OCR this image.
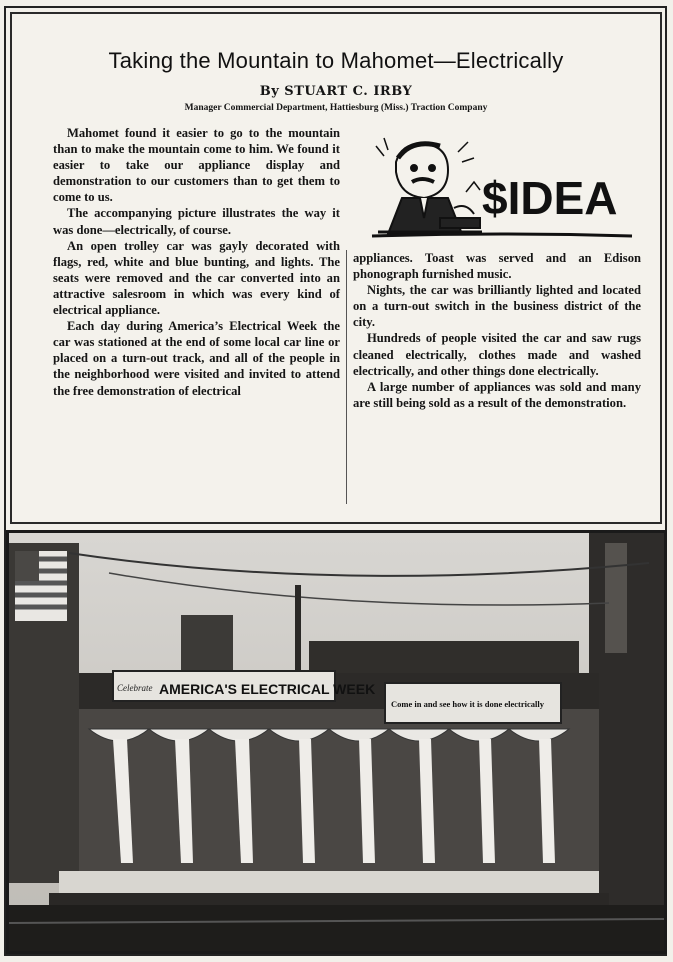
Taking the Mountain to Mahomet—Electrically
By STUART C. IRBY
Manager Commercial Department, Hattiesburg (Miss.) Traction Company

Mahomet found it easier to go to the mountain than to make the mountain come to him. We found it easier to take our appliance display and demonstration to our customers than to get them to come to us.

The accompanying picture illustrates the way it was done—electrically, of course.

An open trolley car was gayly decorated with flags, red, white and blue bunting, and lights. The seats were removed and the car converted into an attractive salesroom in which was every kind of electrical appliance.

Each day during America’s Electrical Week the car was stationed at the end of some local car line or placed on a turn-out track, and all of the people in the neighborhood were visited and invited to attend the free demonstration of electrical

appliances. Toast was served and an Edison phonograph furnished music.

Nights, the car was brilliantly lighted and located on a turn-out switch in the business district of the city.

Hundreds of people visited the car and saw rugs cleaned electrically, clothes made and washed electrically, and other things done electrically.

A large number of appliances was sold and many are still being sold as a result of the demonstration.

$IDEA
Celebrate AMERICA'S ELECTRICAL WEEK
Come in and see how it is done electrically
